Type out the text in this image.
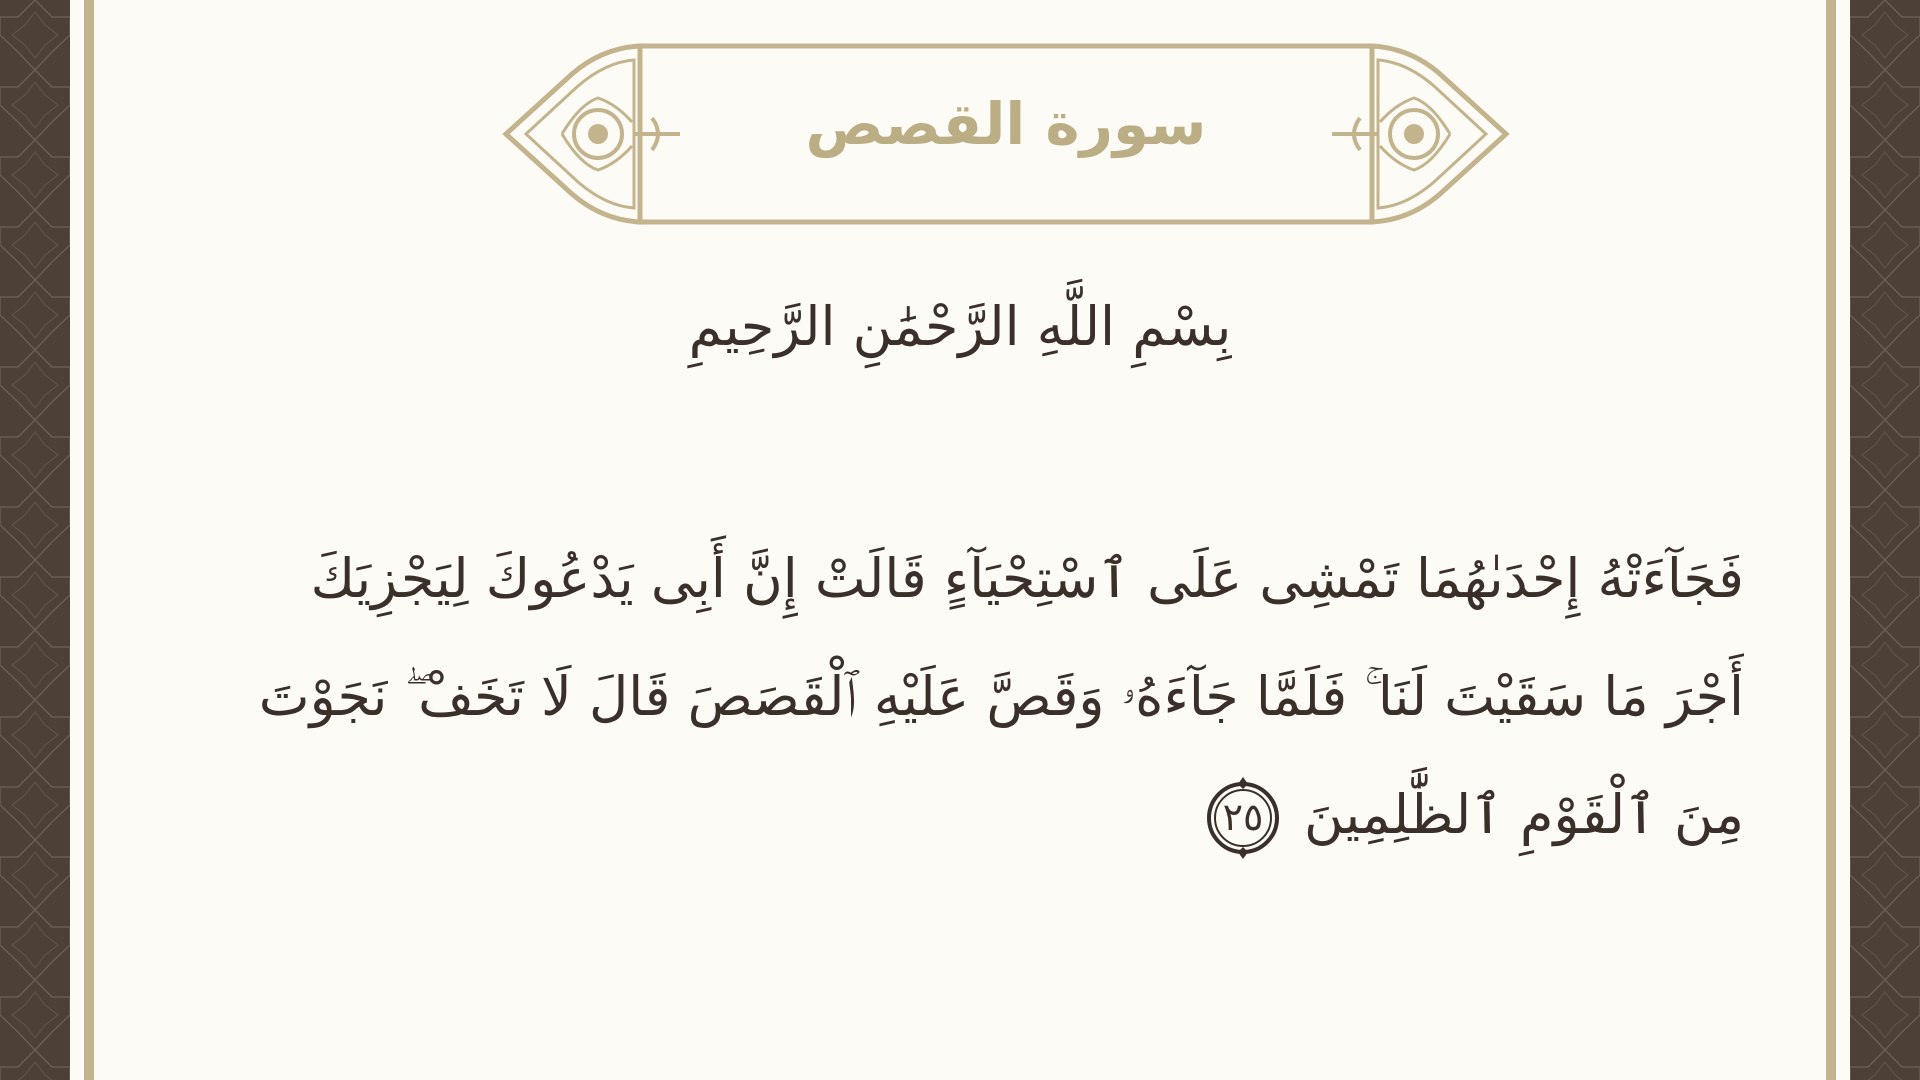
سورة القصص
بِسْمِ اللَّهِ الرَّحْمَٰنِ الرَّحِيمِ
فَجَآءَتْهُ إِحْدَىٰهُمَا تَمْشِى عَلَى ٱسْتِحْيَآءٍ قَالَتْ إِنَّ أَبِى يَدْعُوكَ لِيَجْزِيَكَ
أَجْرَ مَا سَقَيْتَ لَنَا ۚ فَلَمَّا جَآءَهُۥ وَقَصَّ عَلَيْهِ ٱلْقَصَصَ قَالَ لَا تَخَفْ ۖ نَجَوْتَ
مِنَ ٱلْقَوْمِ ٱلظَّٰلِمِينَ
٢٥
